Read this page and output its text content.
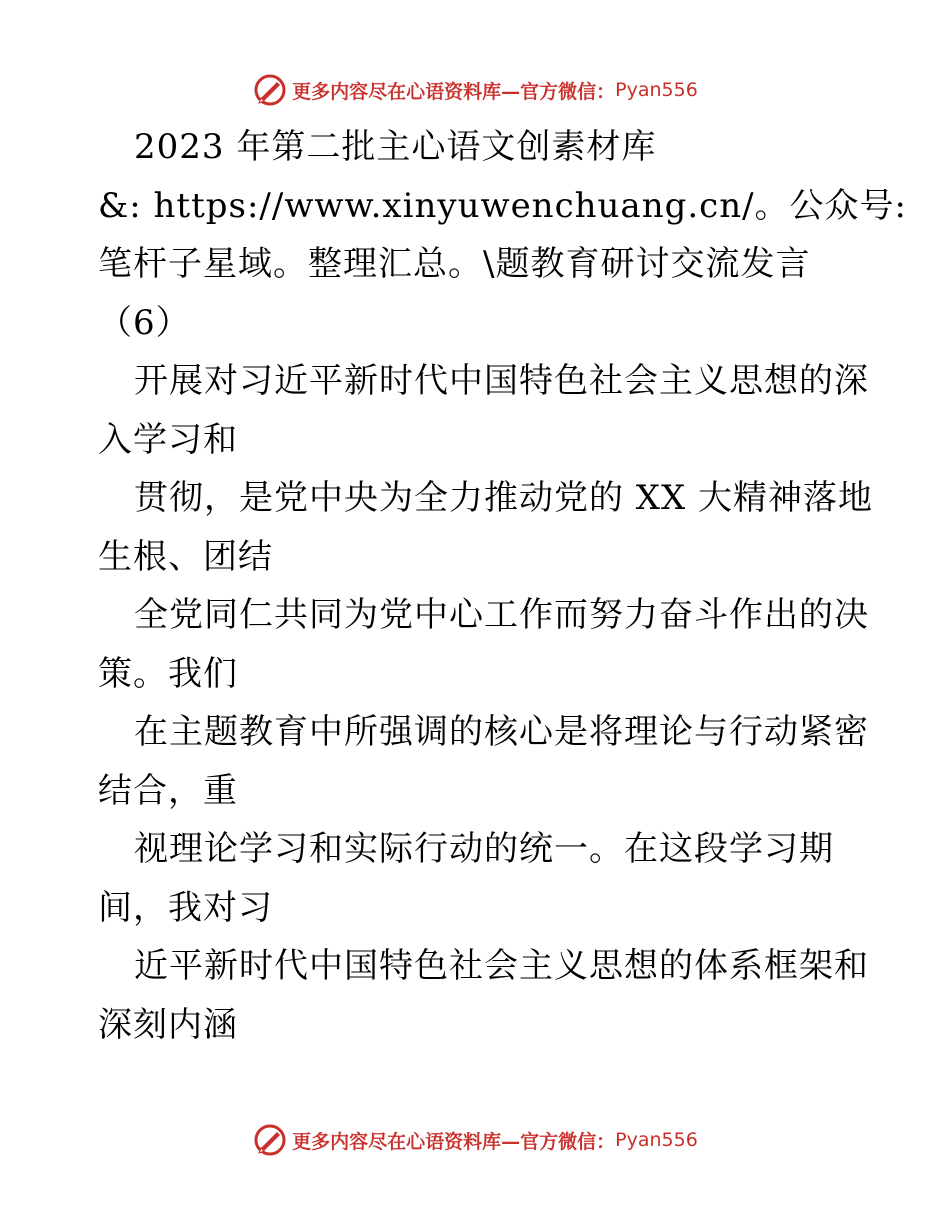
更多内容尽在心语资料库—官方微信： Pyan556
2023 年第二批主心语文创素材库
&: https://www.xinyuwenchuang.cn/。公众号:
笔杆子星域。整理汇总。\题教育研讨交流发言
（6）
开展对习近平新时代中国特色社会主义思想的深
入学习和
贯彻，是党中央为全力推动党的 XX 大精神落地
生根、团结
全党同仁共同为党中心工作而努力奋斗作出的决
策。我们
在主题教育中所强调的核心是将理论与行动紧密
结合，重
视理论学习和实际行动的统一。在这段学习期
间，我对习
近平新时代中国特色社会主义思想的体系框架和
深刻内涵
更多内容尽在心语资料库—官方微信： Pyan556
